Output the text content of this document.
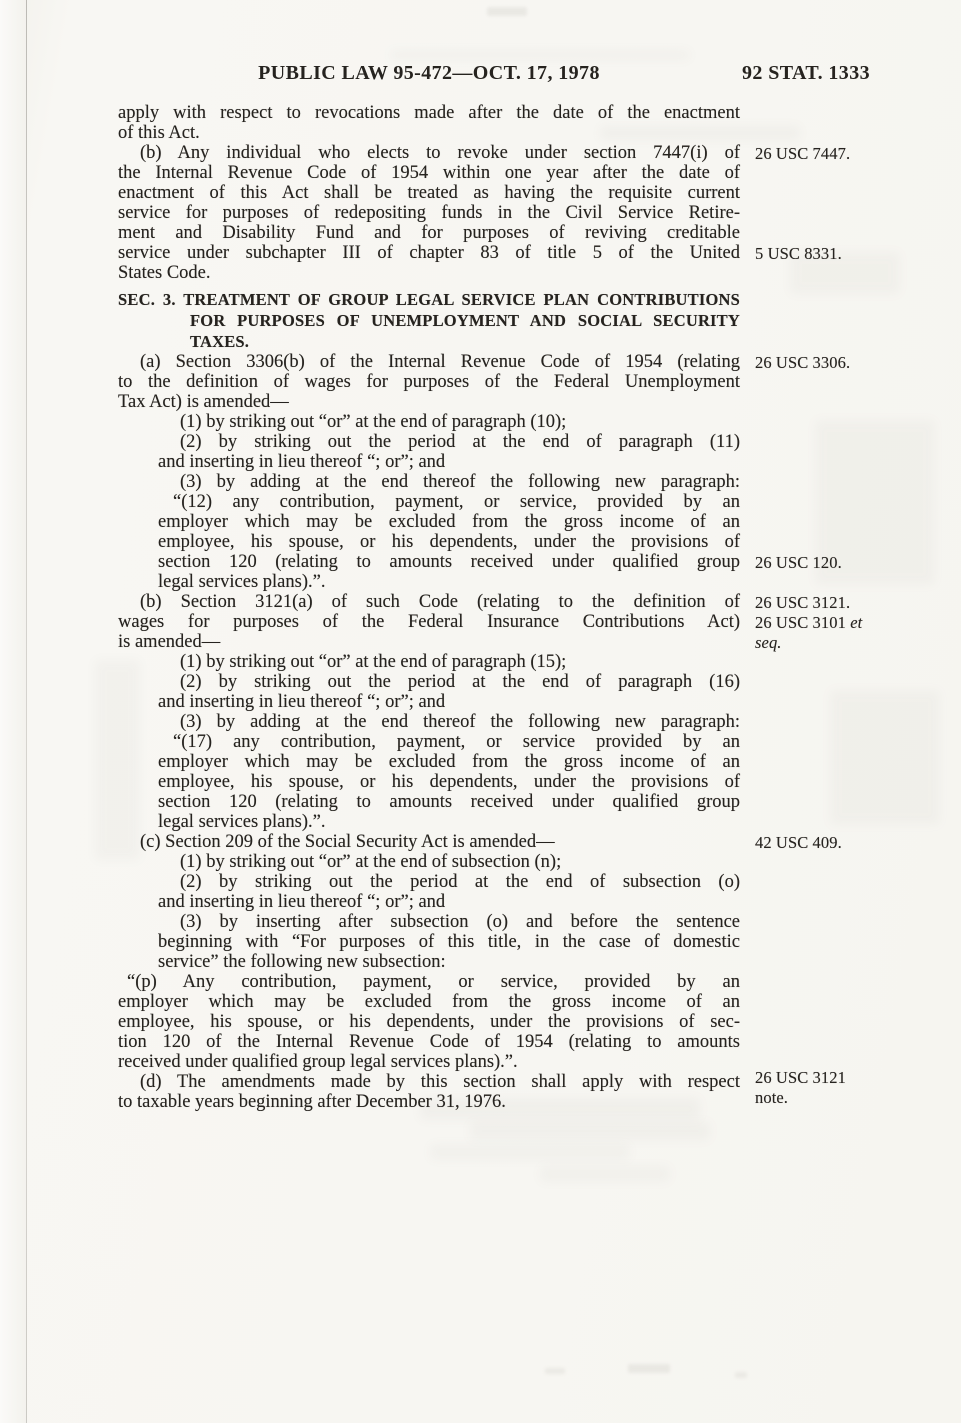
PUBLIC LAW 95-472—OCT. 17, 1978	92 STAT. 1333
apply with respect to revocations made after the date of the enactment
of this Act.
(b) Any individual who elects to revoke under section 7447(i) of
the Internal Revenue Code of 1954 within one year after the date of
enactment of this Act shall be treated as having the requisite current
service for purposes of redepositing funds in the Civil Service Retire-
ment and Disability Fund and for purposes of reviving creditable
service under subchapter III of chapter 83 of title 5 of the United
States Code.
SEC. 3. TREATMENT OF GROUP LEGAL SERVICE PLAN CONTRIBUTIONS
FOR PURPOSES OF UNEMPLOYMENT AND SOCIAL SECURITY
TAXES.
(a) Section 3306(b) of the Internal Revenue Code of 1954 (relating
to the definition of wages for purposes of the Federal Unemployment
Tax Act) is amended—
(1) by striking out “or” at the end of paragraph (10);
(2) by striking out the period at the end of paragraph (11)
and inserting in lieu thereof “; or”; and
(3) by adding at the end thereof the following new paragraph:
“(12) any contribution, payment, or service, provided by an
employer which may be excluded from the gross income of an
employee, his spouse, or his dependents, under the provisions of
section 120 (relating to amounts received under qualified group
legal services plans).”.
(b) Section 3121(a) of such Code (relating to the definition of
wages for purposes of the Federal Insurance Contributions Act)
is amended—
(1) by striking out “or” at the end of paragraph (15);
(2) by striking out the period at the end of paragraph (16)
and inserting in lieu thereof “; or”; and
(3) by adding at the end thereof the following new paragraph:
“(17) any contribution, payment, or service provided by an
employer which may be excluded from the gross income of an
employee, his spouse, or his dependents, under the provisions of
section 120 (relating to amounts received under qualified group
legal services plans).”.
(c) Section 209 of the Social Security Act is amended—
(1) by striking out “or” at the end of subsection (n);
(2) by striking out the period at the end of subsection (o)
and inserting in lieu thereof “; or”; and
(3) by inserting after subsection (o) and before the sentence
beginning with “For purposes of this title, in the case of domestic
service” the following new subsection:
“(p) Any contribution, payment, or service, provided by an
employer which may be excluded from the gross income of an
employee, his spouse, or his dependents, under the provisions of sec-
tion 120 of the Internal Revenue Code of 1954 (relating to amounts
received under qualified group legal services plans).”.
(d) The amendments made by this section shall apply with respect
to taxable years beginning after December 31, 1976.
26 USC 7447.
5 USC 8331.
26 USC 3306.
26 USC 120.
26 USC 3121.
26 USC 3101 et seq.
42 USC 409.
26 USC 3121 note.
